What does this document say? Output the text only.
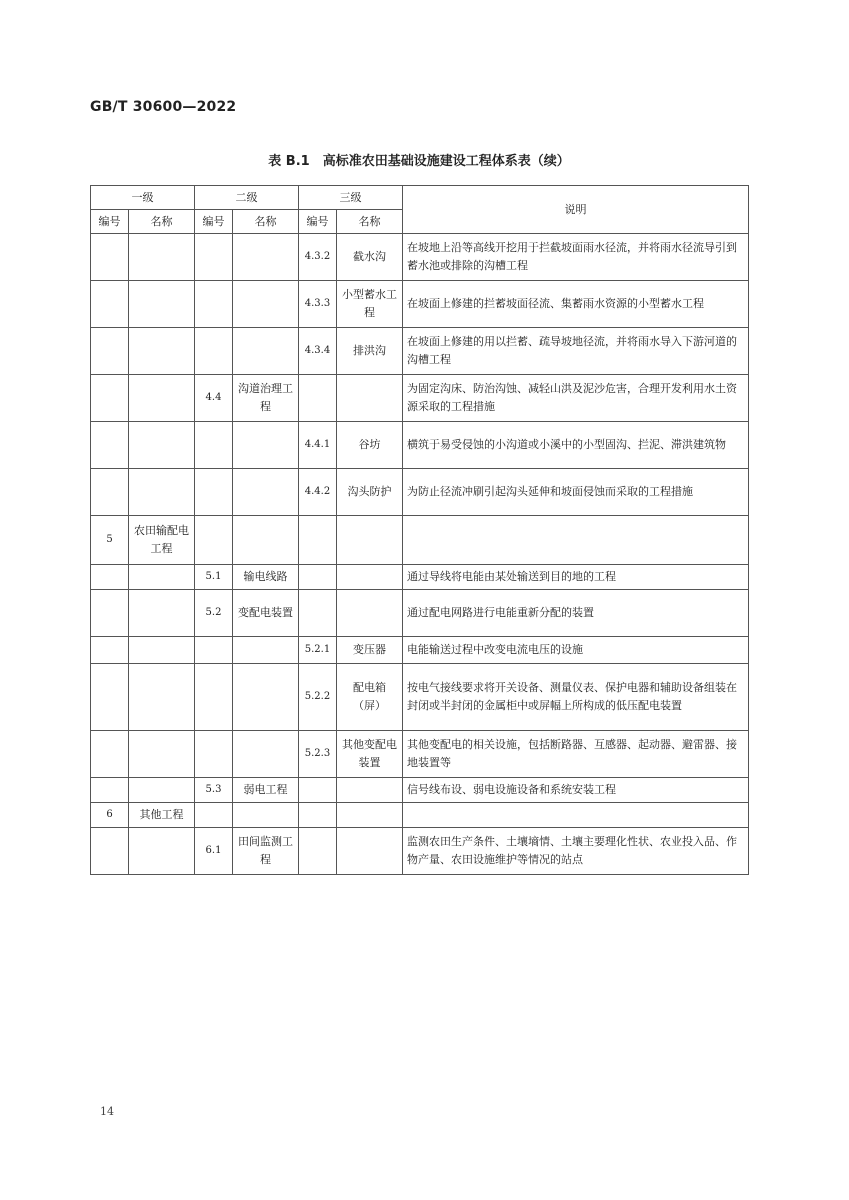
GB/T 30600—2022
表 B.1　高标准农田基础设施建设工程体系表（续）
一级		二级		三级		说明
编号	名称	编号	名称	编号	名称	
				4.3.2	截水沟	在坡地上沿等高线开挖用于拦截坡面雨水径流，并将雨水径流导引到蓄水池或排除的沟槽工程
				4.3.3	小型蓄水工程	在坡面上修建的拦蓄坡面径流、集蓄雨水资源的小型蓄水工程
				4.3.4	排洪沟	在坡面上修建的用以拦蓄、疏导坡地径流，并将雨水导入下游河道的沟槽工程
		4.4	沟道治理工程			为固定沟床、防治沟蚀、减轻山洪及泥沙危害，合理开发利用水土资源采取的工程措施
				4.4.1	谷坊	横筑于易受侵蚀的小沟道或小溪中的小型固沟、拦泥、滞洪建筑物
				4.4.2	沟头防护	为防止径流冲刷引起沟头延伸和坡面侵蚀而采取的工程措施
5	农田输配电工程					
		5.1	输电线路			通过导线将电能由某处输送到目的地的工程
		5.2	变配电装置			通过配电网路进行电能重新分配的装置
				5.2.1	变压器	电能输送过程中改变电流电压的设施
				5.2.2	配电箱（屏）	按电气接线要求将开关设备、测量仪表、保护电器和辅助设备组装在封闭或半封闭的金属柜中或屏幅上所构成的低压配电装置
				5.2.3	其他变配电装置	其他变配电的相关设施，包括断路器、互感器、起动器、避雷器、接地装置等
		5.3	弱电工程			信号线布设、弱电设施设备和系统安装工程
6	其他工程					
		6.1	田间监测工程			监测农田生产条件、土壤墒情、土壤主要理化性状、农业投入品、作物产量、农田设施维护等情况的站点
14
